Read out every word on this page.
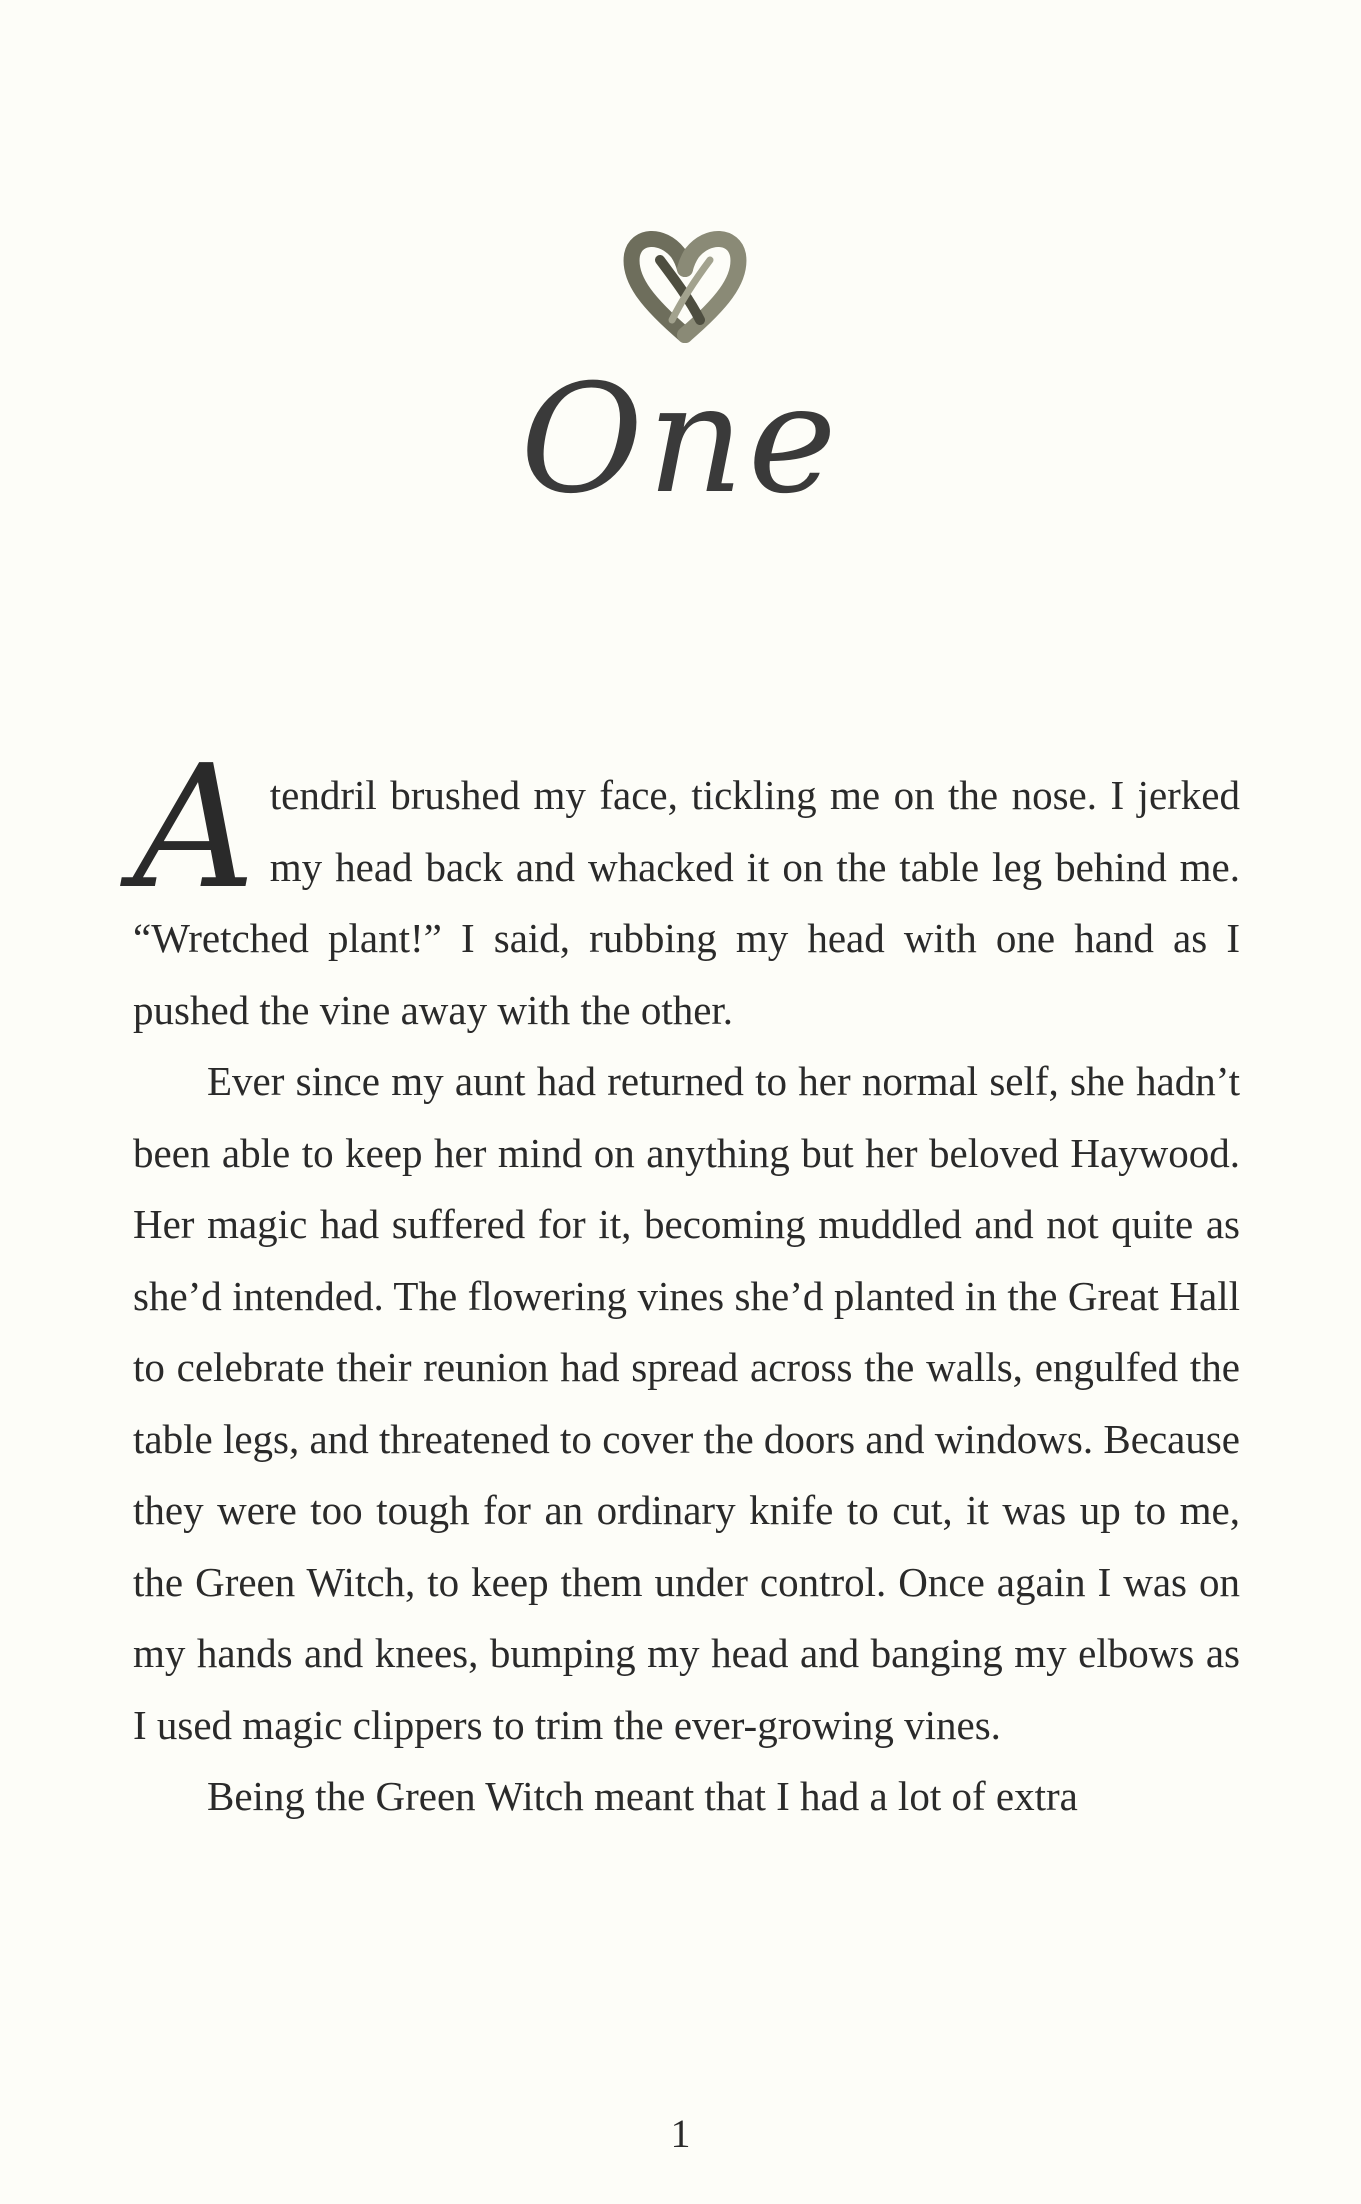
One

Atendril brushed my face, tickling me on the nose. I jerked my head back and whacked it on the table leg behind me. “Wretched plant!” I said, rubbing my head with one hand as I pushed the vine away with the other.

Ever since my aunt had returned to her normal self, she hadn’t been able to keep her mind on anything but her beloved Haywood. Her magic had suffered for it, becoming muddled and not quite as she’d intended. The flowering vines she’d planted in the Great Hall to celebrate their reunion had spread across the walls, engulfed the table legs, and threatened to cover the doors and windows. Because they were too tough for an ordinary knife to cut, it was up to me, the Green Witch, to keep them under control. Once again I was on my hands and knees, bumping my head and banging my elbows as I used magic clippers to trim the ever-growing vines.

Being the Green Witch meant that I had a lot of extra

1
